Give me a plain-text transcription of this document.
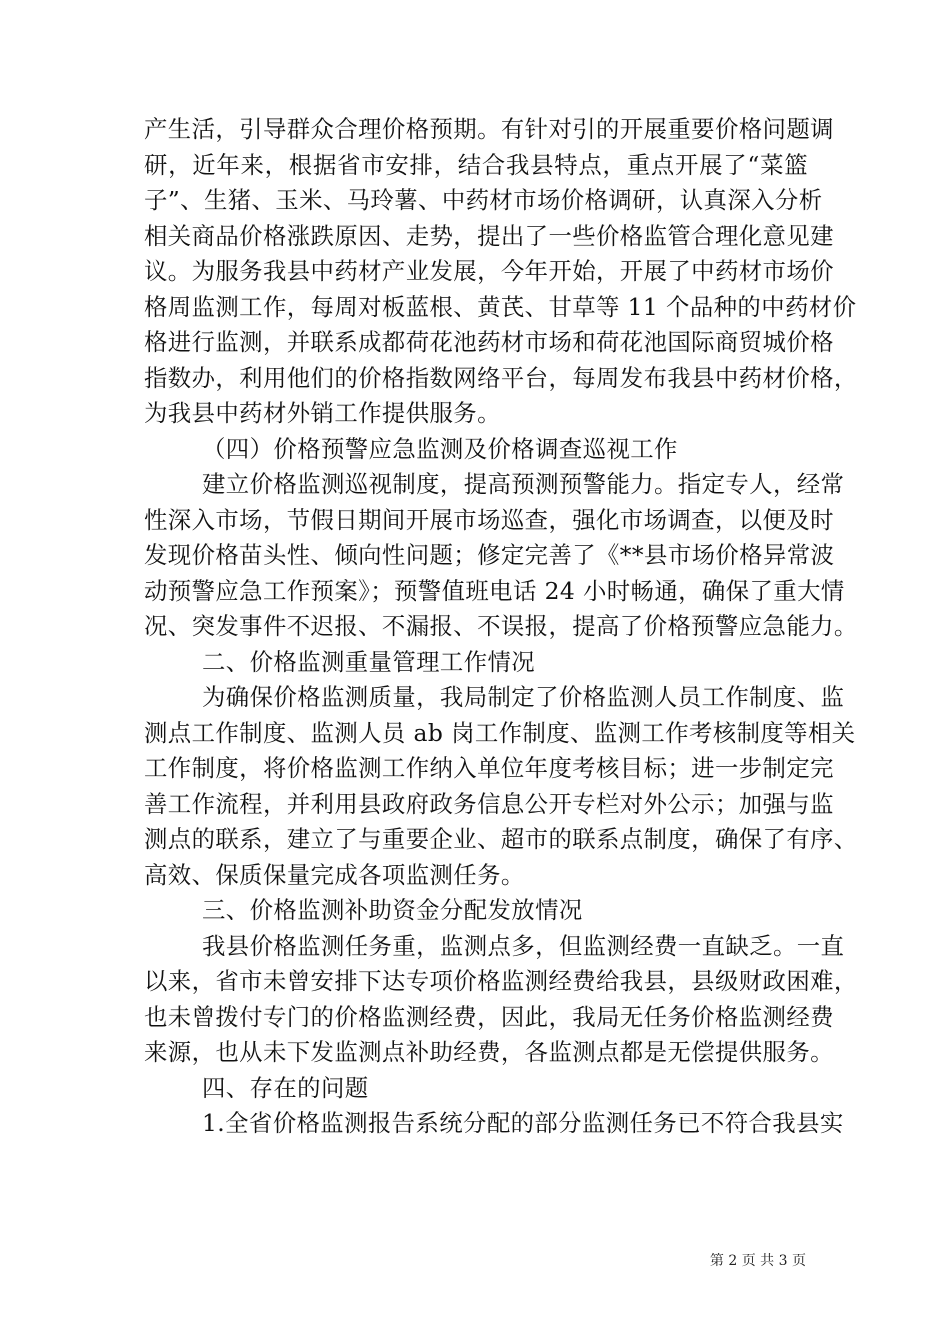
产生活，引导群众合理价格预期。有针对引的开展重要价格问题调
研，近年来，根据省市安排，结合我县特点，重点开展了“菜篮
子”、生猪、玉米、马玲薯、中药材市场价格调研，认真深入分析
相关商品价格涨跌原因、走势，提出了一些价格监管合理化意见建
议。为服务我县中药材产业发展，今年开始，开展了中药材市场价
格周监测工作，每周对板蓝根、黄芪、甘草等 11 个品种的中药材价
格进行监测，并联系成都荷花池药材市场和荷花池国际商贸城价格
指数办，利用他们的价格指数网络平台，每周发布我县中药材价格，
为我县中药材外销工作提供服务。

（四）价格预警应急监测及价格调查巡视工作

建立价格监测巡视制度，提高预测预警能力。指定专人，经常
性深入市场，节假日期间开展市场巡查，强化市场调查，以便及时
发现价格苗头性、倾向性问题；修定完善了《**县市场价格异常波
动预警应急工作预案》；预警值班电话 24 小时畅通，确保了重大情
况、突发事件不迟报、不漏报、不误报，提高了价格预警应急能力。

二、价格监测重量管理工作情况

为确保价格监测质量，我局制定了价格监测人员工作制度、监
测点工作制度、监测人员 ab 岗工作制度、监测工作考核制度等相关
工作制度，将价格监测工作纳入单位年度考核目标；进一步制定完
善工作流程，并利用县政府政务信息公开专栏对外公示；加强与监
测点的联系，建立了与重要企业、超市的联系点制度，确保了有序、
高效、保质保量完成各项监测任务。

三、价格监测补助资金分配发放情况

我县价格监测任务重，监测点多，但监测经费一直缺乏。一直
以来，省市未曾安排下达专项价格监测经费给我县，县级财政困难，
也未曾拨付专门的价格监测经费，因此，我局无任务价格监测经费
来源，也从未下发监测点补助经费，各监测点都是无偿提供服务。

四、存在的问题

1.全省价格监测报告系统分配的部分监测任务已不符合我县实

第 2 页 共 3 页
